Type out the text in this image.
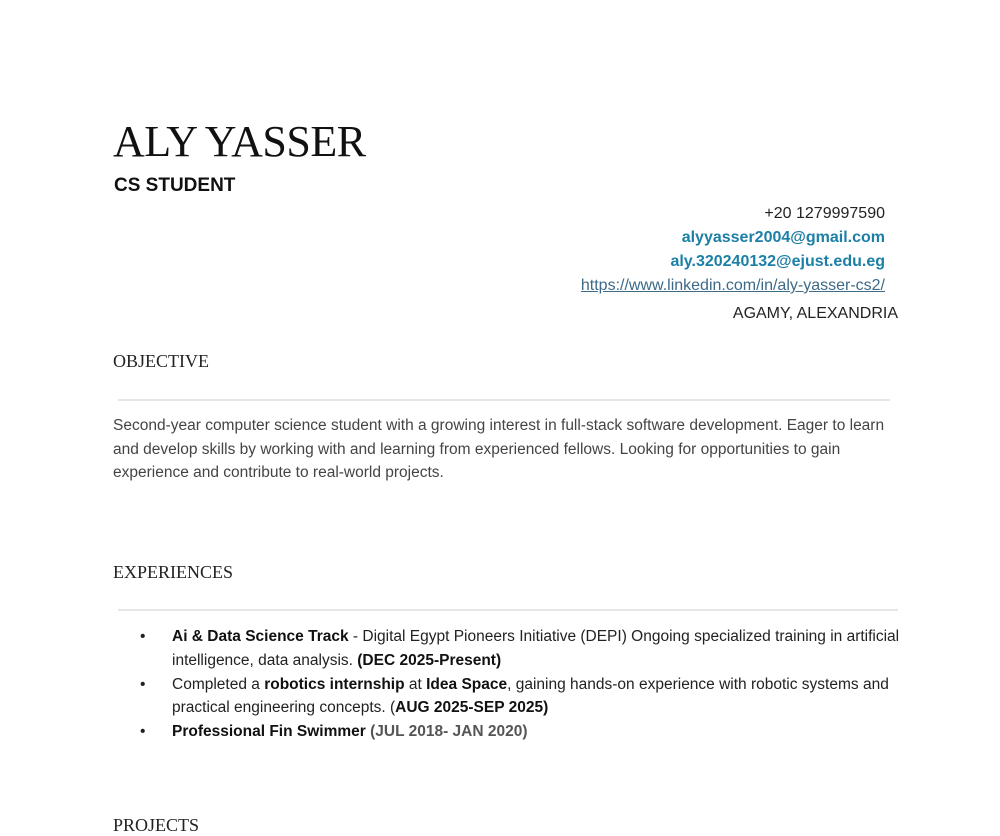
ALY YASSER
CS STUDENT
+20 1279997590
alyyasser2004@gmail.com
aly.320240132@ejust.edu.eg
https://www.linkedin.com/in/aly-yasser-cs2/
AGAMY, ALEXANDRIA
OBJECTIVE
Second-year computer science student with a growing interest in full-stack software development. Eager to learn and develop skills by working with and learning from experienced fellows. Looking for opportunities to gain experience and contribute to real-world projects.
EXPERIENCES
• Ai & Data Science Track - Digital Egypt Pioneers Initiative (DEPI) Ongoing specialized training in artificial intelligence, data analysis. (DEC 2025-Present)
• Completed a robotics internship at Idea Space, gaining hands-on experience with robotic systems and practical engineering concepts. (AUG 2025-SEP 2025)
• Professional Fin Swimmer (JUL 2018- JAN 2020)
PROJECTS
